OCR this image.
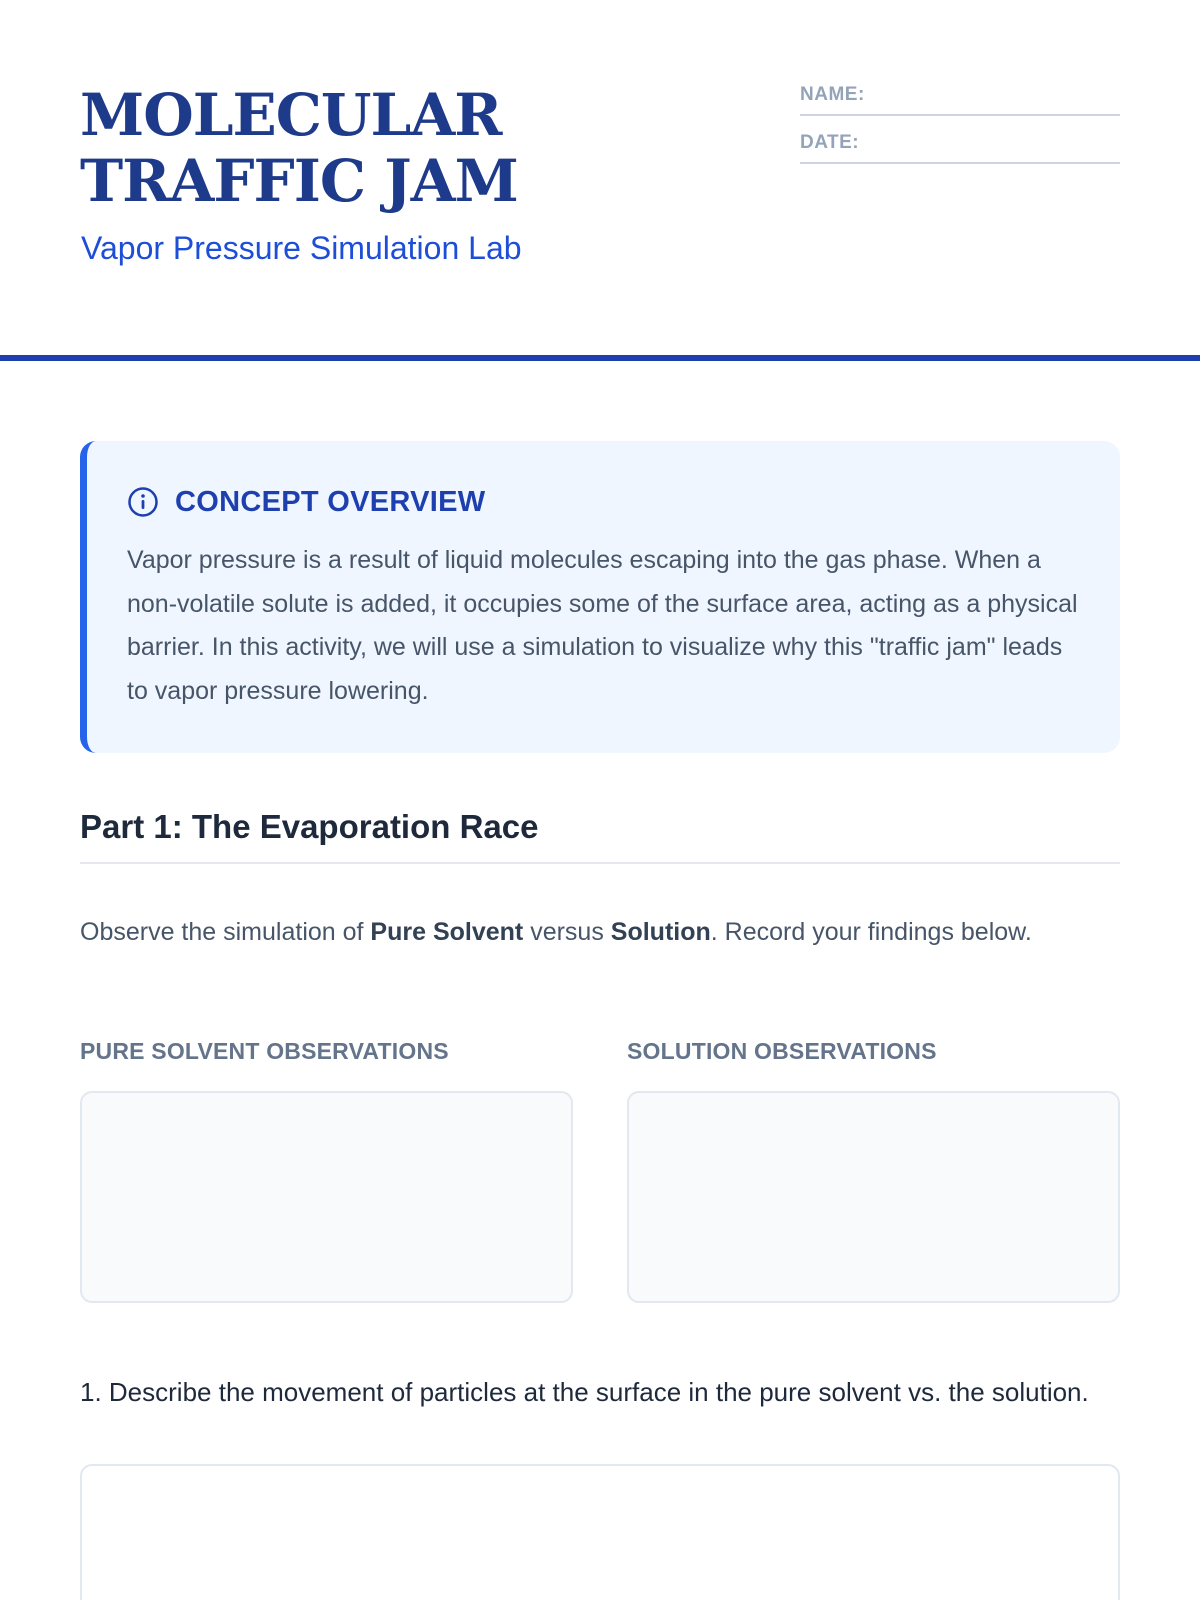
MOLECULAR TRAFFIC JAM
Vapor Pressure Simulation Lab
NAME:
DATE:
CONCEPT OVERVIEW

Vapor pressure is a result of liquid molecules escaping into the gas phase. When a non-volatile solute is added, it occupies some of the surface area, acting as a physical barrier. In this activity, we will use a simulation to visualize why this "traffic jam" leads to vapor pressure lowering.

Part 1: The Evaporation Race

Observe the simulation of Pure Solvent versus Solution. Record your findings below.

PURE SOLVENT OBSERVATIONS	SOLUTION OBSERVATIONS

1. Describe the movement of particles at the surface in the pure solvent vs. the solution.
